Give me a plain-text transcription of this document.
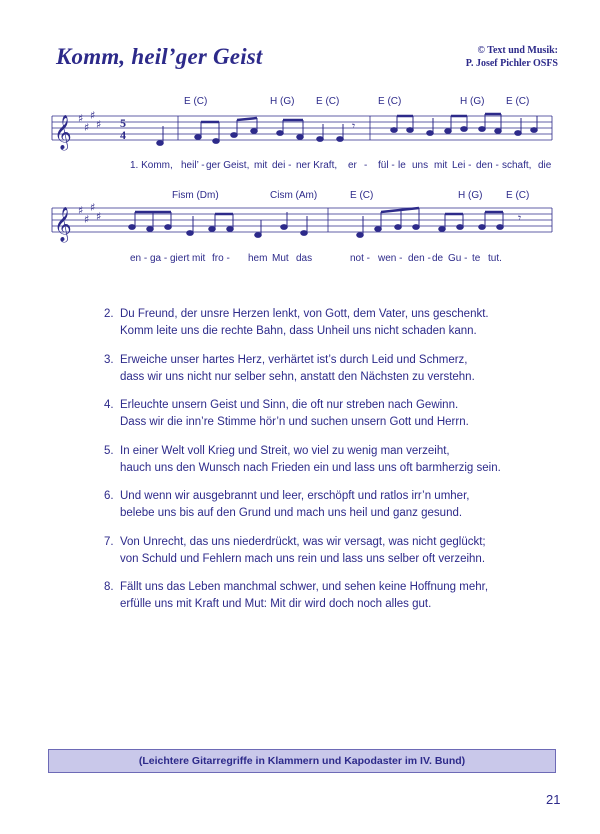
Komm, heil’ger Geist	© Text und Musik:
P. Josef Pichler OSFS
E (C)	H (G) E (C)	E (C)	H (G) E (C)
𝄞 ♯
♯
♯
♯ 5
4
𝄾
1. Komm, heil’ - ger Geist, mit dei - ner Kraft, er - fül - le uns mit Lei - den - schaft, die
Fism (Dm)	Cism (Am)	E (C)	H (G) E (C)
𝄞 ♯
♯
♯
♯	𝄾
en - ga - giert mit fro - hem Mut das	not - wen - den - de Gu - te tut.
2. Du Freund, der unsre Herzen lenkt, von Gott, dem Vater, uns geschenkt.
Komm leite uns die rechte Bahn, dass Unheil uns nicht schaden kann.
3. Erweiche unser hartes Herz, verhärtet ist’s durch Leid und Schmerz,
dass wir uns nicht nur selber sehn, anstatt den Nächsten zu verstehn.
4. Erleuchte unsern Geist und Sinn, die oft nur streben nach Gewinn.
Dass wir die inn’re Stimme hör’n und suchen unsern Gott und Herrn.
5. In einer Welt voll Krieg und Streit, wo viel zu wenig man verzeiht,
hauch uns den Wunsch nach Frieden ein und lass uns oft barmherzig sein.
6. Und wenn wir ausgebrannt und leer, erschöpft und ratlos irr’n umher,
belebe uns bis auf den Grund und mach uns heil und ganz gesund.
7. Von Unrecht, das uns niederdrückt, was wir versagt, was nicht geglückt;
von Schuld und Fehlern mach uns rein und lass uns selber oft verzeihn.
8. Fällt uns das Leben manchmal schwer, und sehen keine Hoffnung mehr,
erfülle uns mit Kraft und Mut: Mit dir wird doch noch alles gut.
(Leichtere Gitarregriffe in Klammern und Kapodaster im IV. Bund)
21
